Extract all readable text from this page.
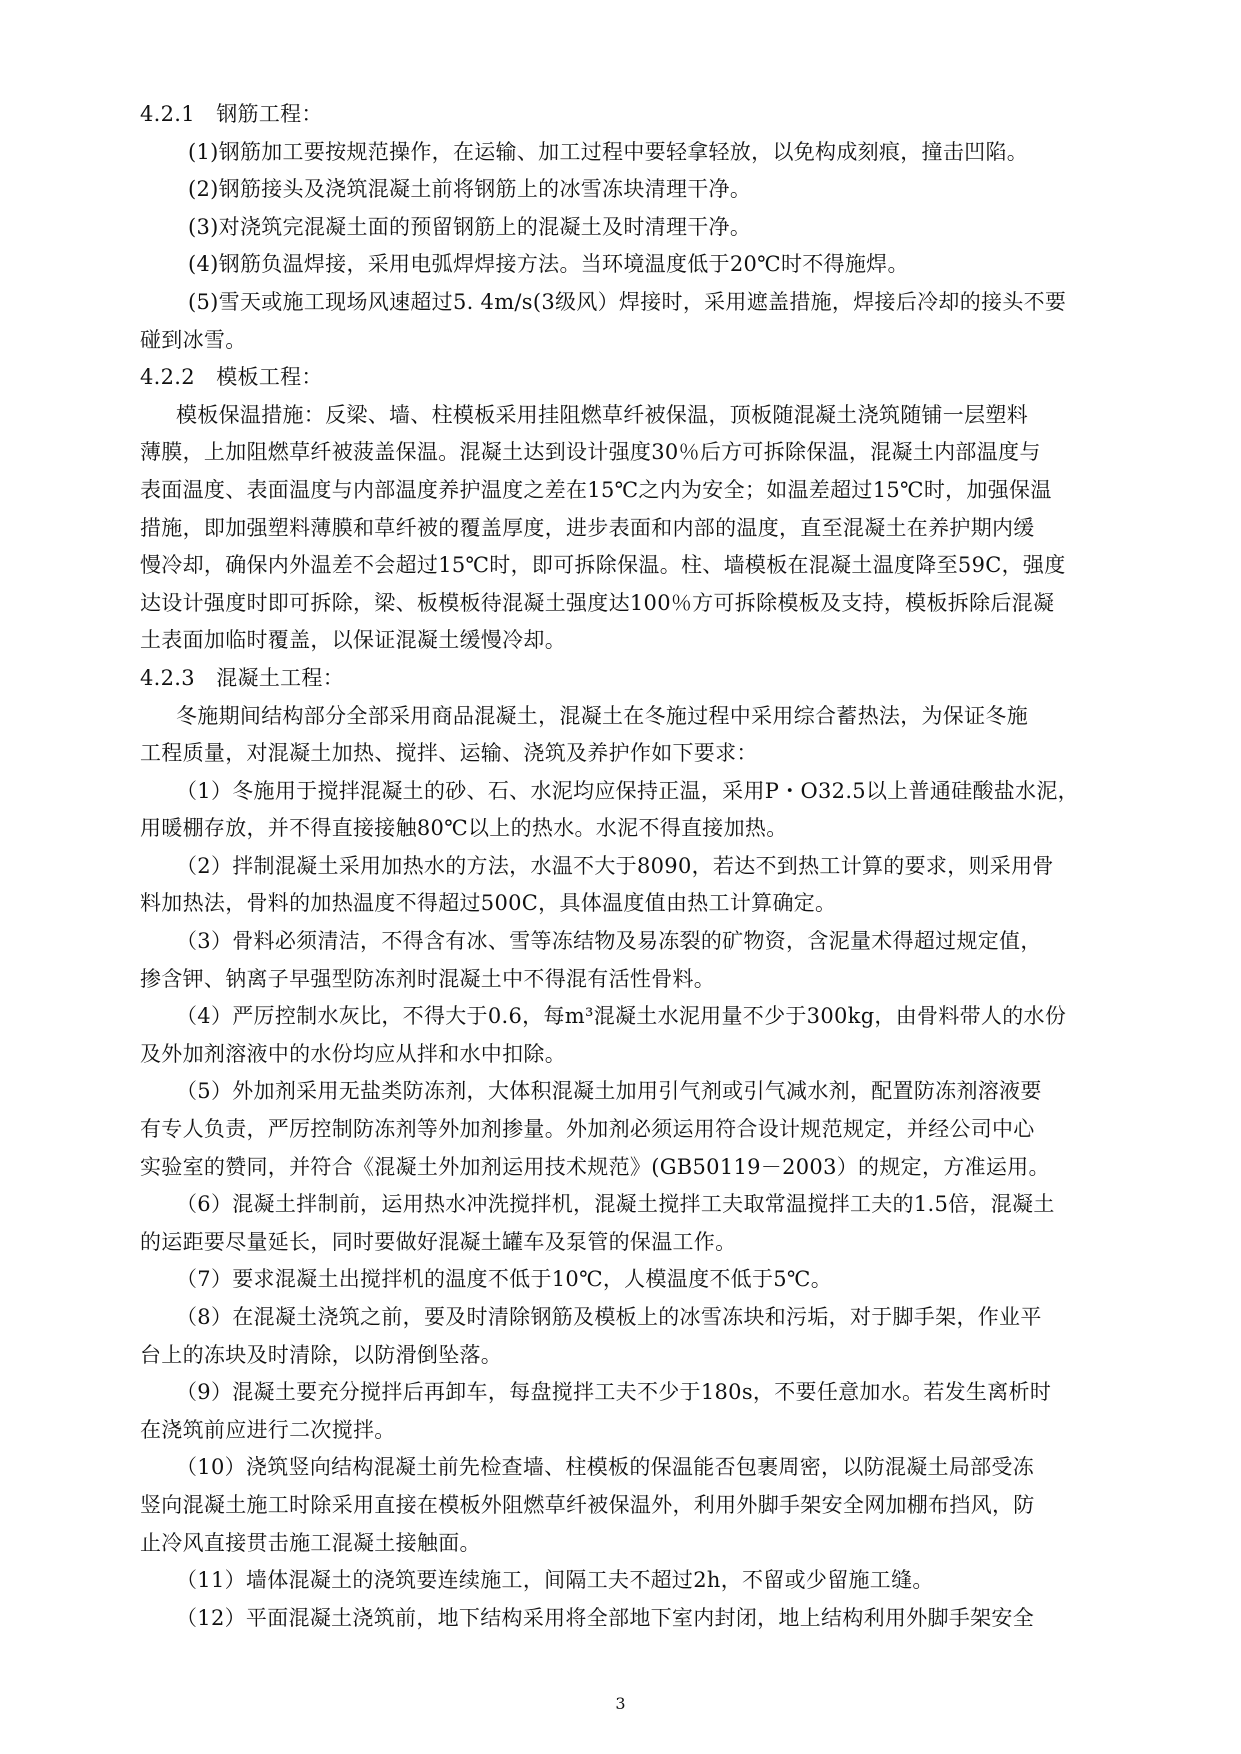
4.2.1　钢筋工程：
(1)钢筋加工要按规范操作，在运输、加工过程中要轻拿轻放，以免构成刻痕，撞击凹陷。
(2)钢筋接头及浇筑混凝土前将钢筋上的冰雪冻块清理干净。
(3)对浇筑完混凝土面的预留钢筋上的混凝土及时清理干净。
(4)钢筋负温焊接，采用电弧焊焊接方法。当环境温度低于20℃时不得施焊。
(5)雪天或施工现场风速超过5. 4m/s(3级风）焊接时，采用遮盖措施，焊接后冷却的接头不要
碰到冰雪。
4.2.2　模板工程：
模板保温措施：反梁、墙、柱模板采用挂阻燃草纤被保温，顶板随混凝土浇筑随铺一层塑料
薄膜，上加阻燃草纤被菠盖保温。混凝土达到设计强度30％后方可拆除保温，混凝土内部温度与
表面温度、表面温度与内部温度养护温度之差在15℃之内为安全；如温差超过15℃时，加强保温
措施，即加强塑料薄膜和草纤被的覆盖厚度，进步表面和内部的温度，直至混凝土在养护期内缓
慢冷却，确保内外温差不会超过15℃时，即可拆除保温。柱、墙模板在混凝土温度降至59C，强度
达设计强度时即可拆除，梁、板模板待混凝土强度达100％方可拆除模板及支持，模板拆除后混凝
土表面加临时覆盖，以保证混凝土缓慢冷却。
4.2.3　混凝土工程：
冬施期间结构部分全部采用商品混凝土，混凝土在冬施过程中采用综合蓄热法，为保证冬施
工程质量，对混凝土加热、搅拌、运输、浇筑及养护作如下要求：
（1）冬施用于搅拌混凝土的砂、石、水泥均应保持正温，采用P・O32.5以上普通硅酸盐水泥，
用暖棚存放，并不得直接接触80℃以上的热水。水泥不得直接加热。
（2）拌制混凝土采用加热水的方法，水温不大于8090，若达不到热工计算的要求，则采用骨
料加热法，骨料的加热温度不得超过500C，具体温度值由热工计算确定。
（3）骨料必须清洁，不得含有冰、雪等冻结物及易冻裂的矿物资，含泥量术得超过规定值，
掺含钾、钠离子早强型防冻剂时混凝土中不得混有活性骨料。
（4）严厉控制水灰比，不得大于0.6，每m³混凝土水泥用量不少于300kg，由骨料带人的水份
及外加剂溶液中的水份均应从拌和水中扣除。
（5）外加剂采用无盐类防冻剂，大体积混凝土加用引气剂或引气减水剂，配置防冻剂溶液要
有专人负责，严厉控制防冻剂等外加剂掺量。外加剂必须运用符合设计规范规定，并经公司中心
实验室的赞同，并符合《混凝土外加剂运用技术规范》(GB50119－2003）的规定，方准运用。
（6）混凝土拌制前，运用热水冲洗搅拌机，混凝土搅拌工夫取常温搅拌工夫的1.5倍，混凝土
的运距要尽量延长，同时要做好混凝土罐车及泵管的保温工作。
（7）要求混凝土出搅拌机的温度不低于10℃，人模温度不低于5℃。
（8）在混凝土浇筑之前，要及时清除钢筋及模板上的冰雪冻块和污垢，对于脚手架，作业平
台上的冻块及时清除，以防滑倒坠落。
（9）混凝土要充分搅拌后再卸车，每盘搅拌工夫不少于180s，不要任意加水。若发生离析时
在浇筑前应进行二次搅拌。
（10）浇筑竖向结构混凝土前先检查墙、柱模板的保温能否包裹周密，以防混凝土局部受冻
竖向混凝土施工时除采用直接在模板外阻燃草纤被保温外，利用外脚手架安全网加棚布挡风，防
止冷风直接贯击施工混凝土接触面。
（11）墙体混凝土的浇筑要连续施工，间隔工夫不超过2h，不留或少留施工缝。
（12）平面混凝土浇筑前，地下结构采用将全部地下室内封闭，地上结构利用外脚手架安全
3
